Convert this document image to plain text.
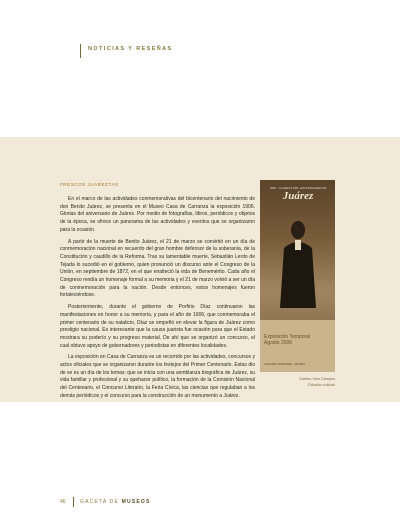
NOTICIAS Y RESEÑAS
FRESCOS JUAREZTAS

En el marco de las actividades conmemorativas del bicentenario del nacimiento de don Benito Juárez, se presenta en el Museo Casa de Carranza la exposición 1906. Glorias del aniversario de Juárez. Por medio de fotografías, libros, periódicos y objetos de la época, se ofrece un panorama de las actividades y eventos que se organizaron para la ocasión.

A partir de la muerte de Benito Juárez, el 21 de marzo se convirtió en un día de conmemoración nacional en recuerdo del gran hombre defensor de la soberanía, de la Constitución y caudillo de la Reforma. Tras su lamentable muerte, Sebastián Lerdo de Tejada lo sucedió en el gobierno, quien pronunció un discurso ante el Congreso de la Unión, en septiembre de 1872, en el que enalteció la vida de Benemérito. Cada año el Congreso rendía un homenaje formal a su memoria y el 21 de marzo volvió a ser un día de conmemoración para la nación. Desde entonces, estos homenajes fueron fortaleciéndose.

Posteriormente, durante el gobierno de Porfirio Díaz continuaron las manifestaciones en honor a su memoria, y para el año de 1906, que conmemoraba el primer centenario de su natalicio, Díaz se empeñó en elevar la figura de Juárez como prestigio nacional. Es interesante que la causa juarista fue ocasión para que el Estado mostrara su poderío y su progreso material. De ahí que se organizó un concurso, el cual obtuvo apoyo de gobernadores y periodistas en diferentes localidades.

La exposición en Casa de Carranza es un recorrido por las actividades, concursos y actos oficiales que se organizaron durante los festejos del Primer Centenario. Estas dio de se es un día de los temas: que se inicia con una semblanza biográfica de Juárez, su vida familiar y profesional y su quehacer político, la formación de la Comisión Nacional del Centenario, el Concurso Literario, la Feria Cívica, las ciencias que regulaban a los demás periódicos y el concurso para la construcción de un monumento a Juárez.

1906 · GLORIAS DEL ANIVERSARIO DE
Juárez
Exposición Temporal
Agosto 2006
CASA DE CARRANZA · MUSEO
Martha Vela Campos
Difusión cultural
46	GACETA DE MUSEOS
